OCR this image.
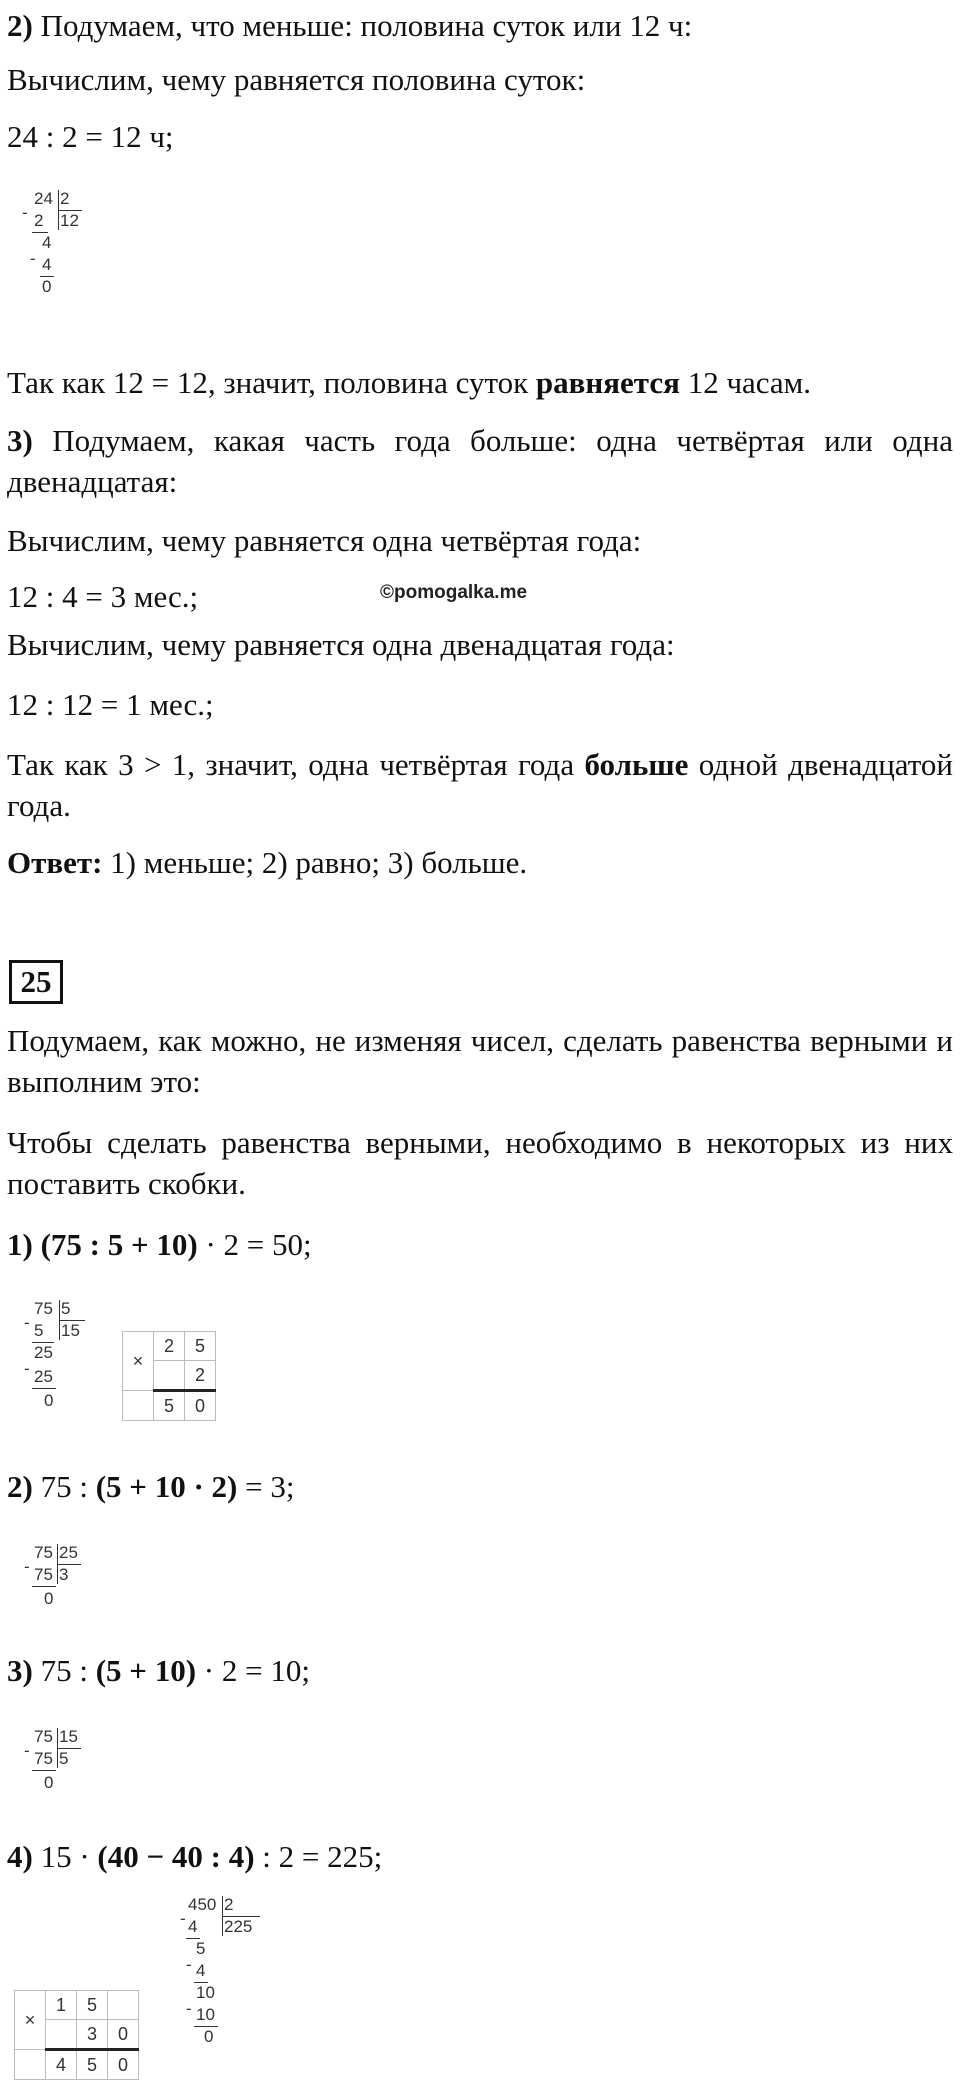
2) Подумаем, что меньше: половина суток или 12 ч:

Вычислим, чему равняется половина суток:

24 : 2 = 12 ч;

24 2
12
- 2
4
- 4
0

Так как 12 = 12, значит, половина суток равняется 12 часам.

3) Подумаем, какая часть года больше: одна четвёртая или одна двенадцатая:

Вычислим, чему равняется одна четвёртая года:

12 : 4 = 3 мес.;	©pomogalka.me

Вычислим, чему равняется одна двенадцатая года:

12 : 12 = 1 мес.;

Так как 3 > 1, значит, одна четвёртая года больше одной двенадцатой года.

Ответ: 1) меньше; 2) равно; 3) больше.

25

Подумаем, как можно, не изменяя чисел, сделать равенства верными и выполним это:

Чтобы сделать равенства верными, необходимо в некоторых из них поставить скобки.

1) (75 : 5 + 10) · 2 = 50;

75 5
15
- 5
25
- 25
0
×	2	5
		2
	5	0

2) 75 : (5 + 10 · 2) = 3;

75 25
3
- 75
0

3) 75 : (5 + 10) · 2 = 10;

75 15
5
- 75
0

4) 15 · (40 − 40 : 4) : 2 = 225;

450 2
225
- 4
5
- 4
10
- 10
0
×	1	5	
		3	0
	4	5	0
